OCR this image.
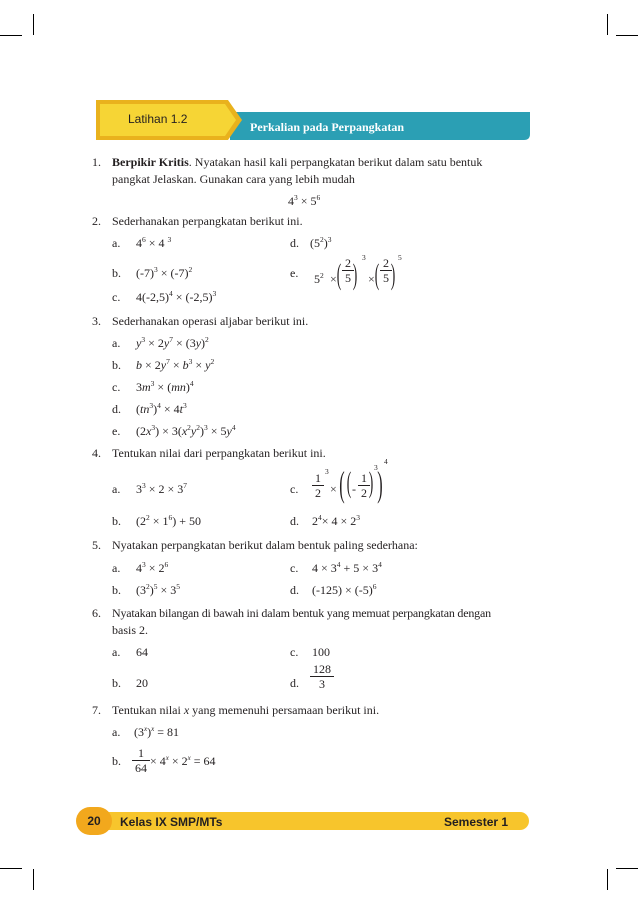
Latihan 1.2
Perkalian pada Perpangkatan
1. Berpikir Kritis. Nyatakan hasil kali perpangkatan berikut dalam satu bentuk
pangkat Jelaskan. Gunakan cara yang lebih mudah
$4^3 \times 5^6$
2. Sederhanakan perpangkatan berikut ini.
a. $4^6 \times 4$ $^3$	d. $(5^2)^3$
b. $(-7)^3 \times (-7)^2$	e. $5^2$ × ( 2
5 )
$^3$
× ( 2
5 )
$^5$
c. $4(-2,5)^4 \times (-2,5)^3$
3. Sederhanakan operasi aljabar berikut ini.
a. $y^3 \times 2y^7 \times (3y)^2$
b. $b \times 2y^7 \times b^3 \times y^2$
c. $3m^3 \times (mn)^4$
d. $(tn^3)^4 \times 4t^3$
e. $(2x^3) \times 3(x^2y^2)^3 \times 5y^4$
4. Tentukan nilai dari perpangkatan berikut ini.
a. $3^3 \times 2 \times 3^7$	c.
1
2
$^3$
× ( ( -
1
2 ) $^3$ )
$^4$
b. $(2^2 \times 1^6) + 50$	d. $2^4\times 4 \times 2^3$
5. Nyatakan perpangkatan berikut dalam bentuk paling sederhana:
a. $4^3 \times 2^6$	c. $4 \times 3^4 + 5 \times 3^4$
b. $(3^2)^5 \times 3^5$	d. $(-125) \times (-5)^6$
6. Nyatakan bilangan di bawah ini dalam bentuk yang memuat perpangkatan dengan
basis 2.
a. 64	c. 100
b. 20	d.
128
3
7. Tentukan nilai x yang memenuhi persamaan berikut ini.
a. $(3^x)^x = 81$
b.
1
$64 \times 4^x \times 2^x = 64$
20	Kelas IX SMP/MTs	Semester 1
